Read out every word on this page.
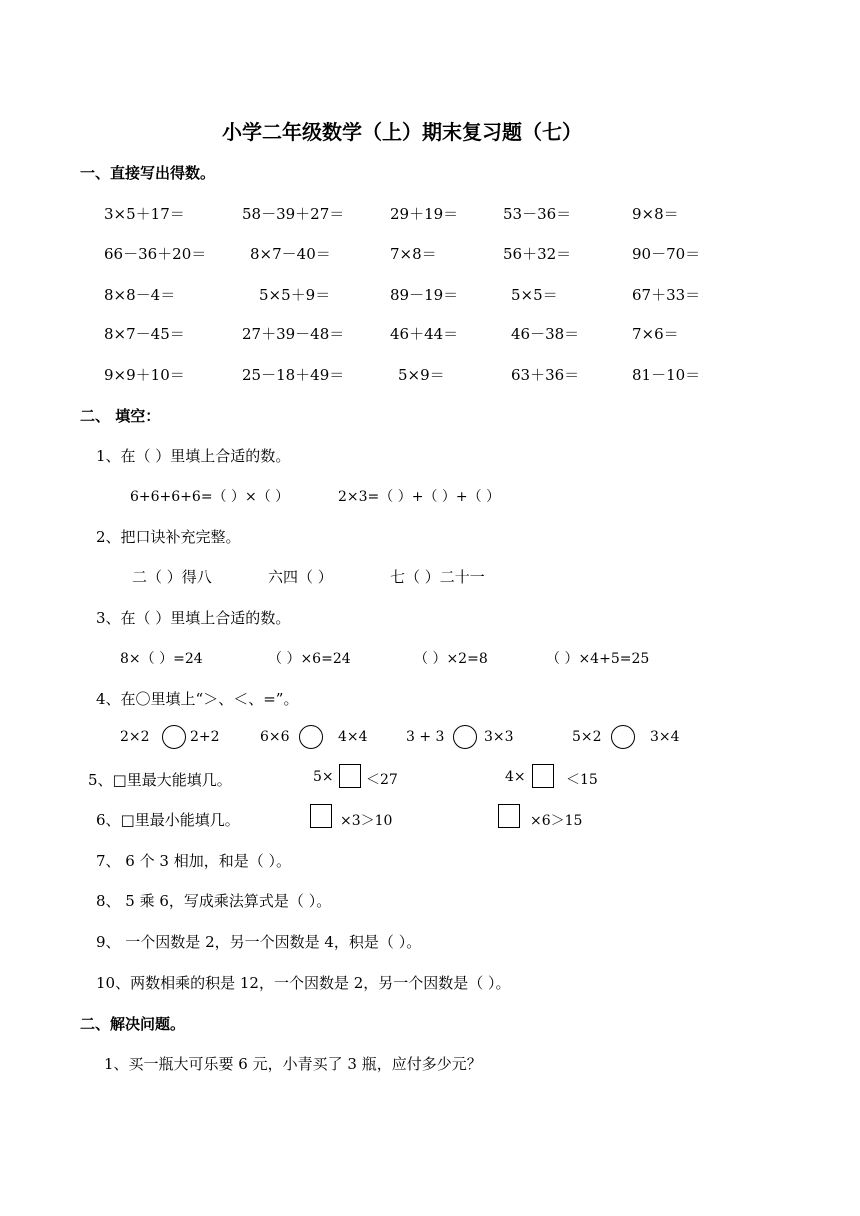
小学二年级数学（上）期末复习题（七）
一、直接写出得数。
3×5＋17＝	58－39＋27＝	29＋19＝	53－36＝	9×8＝
66－36＋20＝	8×7－40＝	7×8＝	56＋32＝	90－70＝
8×8－4＝	5×5＋9＝	89－19＝	5×5＝	67＋33＝
8×7－45＝	27＋39－48＝	46＋44＝	46－38＝	7×6＝
9×9＋10＝	25－18＋49＝	5×9＝	63＋36＝	81－10＝
二、 填空：
1、在（ ）里填上合适的数。
6+6+6+6=（ ）×（ ）	2×3=（ ）+（ ）+（ ）
2、把口诀补充完整。
二（ ）得八	六四（ ）	七（ ）二十一
3、在（ ）里填上合适的数。
8×（ ）=24	（ ）×6=24	（ ）×2=8	（ ）×4+5=25
4、在〇里填上“＞、＜、=”。
2×2	2+2	6×6	4×4	3 + 3	3×3	5×2	3×4
5、□里最大能填几。	5× ＜27	4×	＜15
6、□里最小能填几。	×3＞10	×6＞15
7、 6 个 3 相加，和是（ ）。
8、 5 乘 6，写成乘法算式是（ ）。
9、 一个因数是 2，另一个因数是 4，积是（ ）。
10、两数相乘的积是 12，一个因数是 2，另一个因数是（ ）。
二、解决问题。
1、买一瓶大可乐要 6 元，小青买了 3 瓶，应付多少元？
